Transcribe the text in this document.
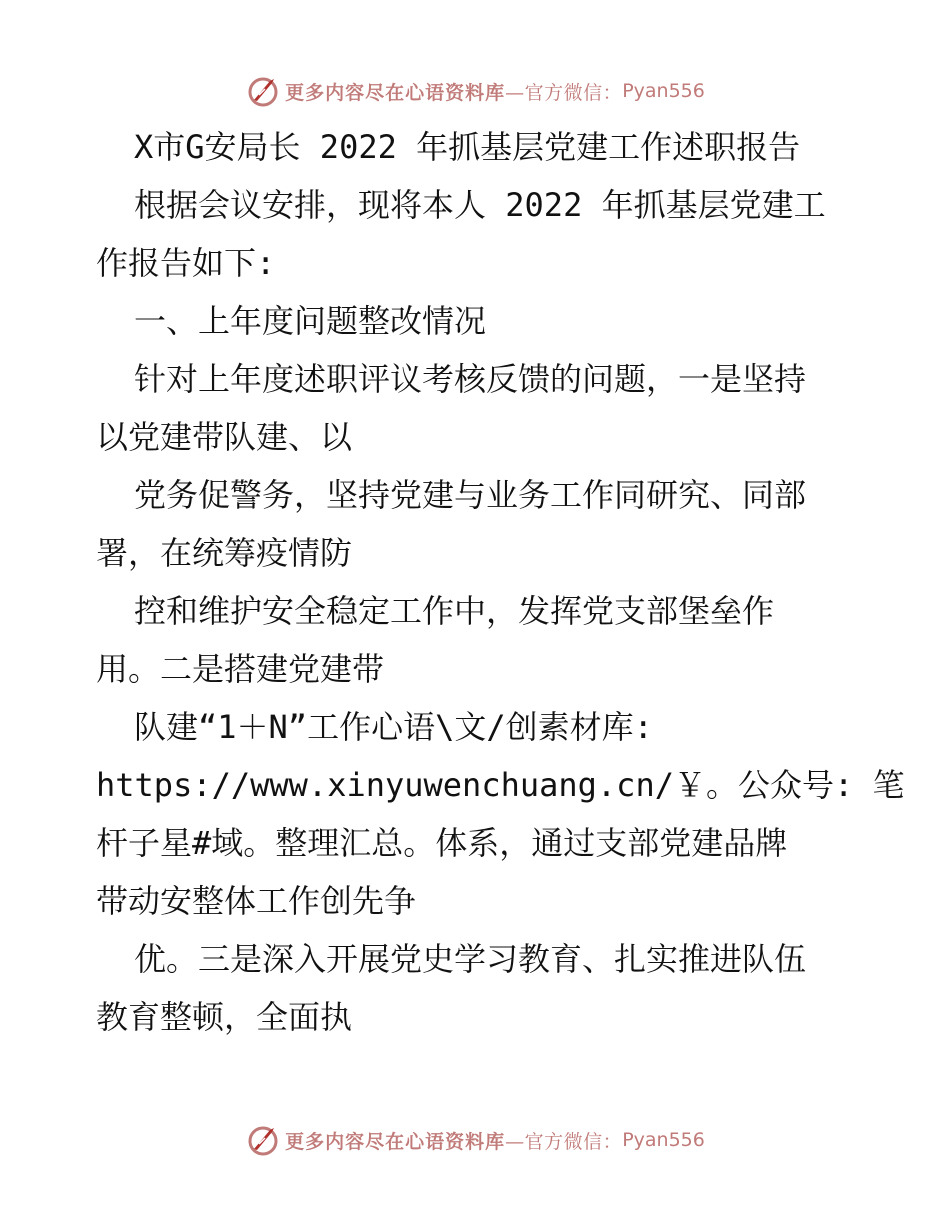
更多内容尽在心语资料库 —官方微信： Pyan556
X市G安局长 2022 年抓基层党建工作述职报告
根据会议安排，现将本人 2022 年抓基层党建工
作报告如下:
一、上年度问题整改情况
针对上年度述职评议考核反馈的问题，一是坚持
以党建带队建、以
党务促警务，坚持党建与业务工作同研究、同部
署，在统筹疫情防
控和维护安全稳定工作中，发挥党支部堡垒作
用。二是搭建党建带
队建“1＋N”工作心语\文/创素材库:
https://www.xinyuwenchuang.cn/￥。公众号: 笔
杆子星#域。整理汇总。体系，通过支部党建品牌
带动安整体工作创先争
优。三是深入开展党史学习教育、扎实推进队伍
教育整顿，全面执
更多内容尽在心语资料库 —官方微信： Pyan556
